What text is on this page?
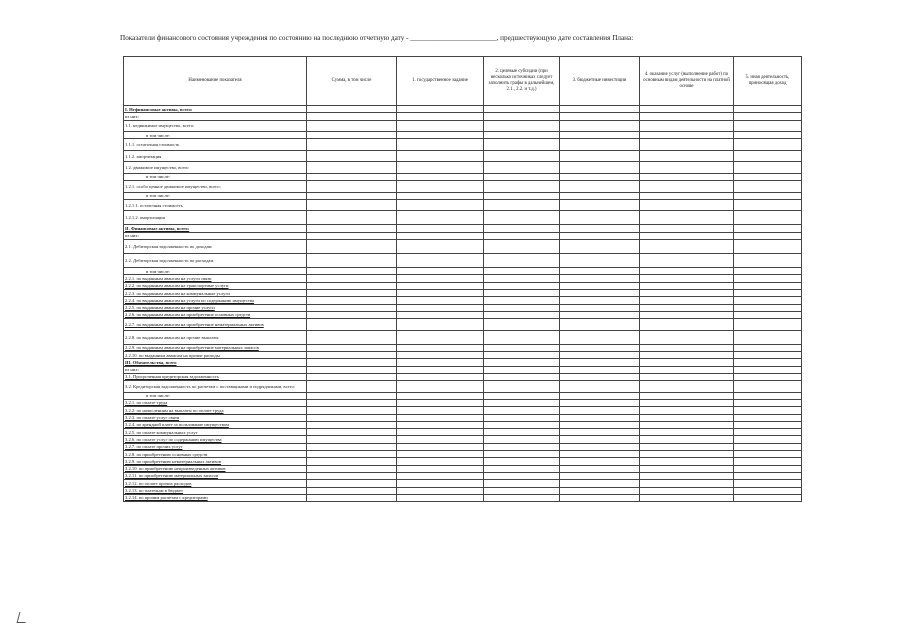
Показатели финансового состояния учреждения по состоянию на последнюю отчетную дату - ________________________, предшествующую дате составления Плана:
Наименование показателя	Сумма, в том числе	1. государственное задание	2. целевые субсидии (при несколько источниках следует заполнить графы в дальнейшем, 2.1., 2.2. и т.д.)	3. бюджетные инвестиции	4. оказание услуг (выполнение работ) по основным видам деятельности на платной основе	5. иная деятельность, приносящая доход
I. Нефинансовые активы, всего:						
из них:						
1.1. недвижимое имущество, всего:						
в том числе:						
1.1.1. остаточная стоимость						
1.1.2. амортизация						
1.2. движимое имущество, всего						
в том числе:						
1.2.1. особо ценное движимое имущество, всего:						
в том числе:						
1.2.1.1. остаточная стоимость						
1.2.1.2. амортизация						
II. Финансовые активы, всего:						
из них:						
2.1. Дебиторская задолженность по доходам						
2.2. Дебиторская задолженность по расходам						
в том числе:						
2.2.1. по выданным авансам на услуги связи						
2.2.2. по выданным авансам на транспортные услуги						
2.2.3. по выданным авансам на коммунальные услуги						
2.2.4. по выданным авансам на услуги по содержанию имущества						
2.2.5. по выданным авансам на прочие услуги						
2.2.6. по выданным авансам на приобретение основных средств						
2.2.7. по выданным авансам на приобретение нематериальных активов						
2.2.8. по выданным авансам на прочие выплаты						
2.2.9. по выданным авансам на приобретение материальных запасов						
2.2.10. по выданным авансам на прочие расходы						
III. Обязательства, всего						
из них:						
3.1. Просроченная кредиторская задолженность						
3.2. Кредиторская задолженность по расчетам с поставщиками и подрядчиками, всего:						
в том числе:						
3.2.1. по оплате труда						
3.2.2. по начислениям на выплаты по оплате труда						
3.2.3. по оплате услуг связи						
3.2.4. по арендной плате за пользование имуществом						
3.2.5. по оплате коммунальных услуг						
3.2.6. по оплате услуг по содержанию имущества						
3.2.7. по оплате прочих услуг						
3.2.8. по приобретению основных средств						
3.2.9. по приобретению нематериальных активов						
3.2.10. по приобретению непроизведенных активов						
3.2.11. по приобретению материальных запасов						
3.2.12. по оплате прочих расходов						
3.2.13. по платежам в бюджет						
3.2.14. по прочим расчетам с кредиторами						
